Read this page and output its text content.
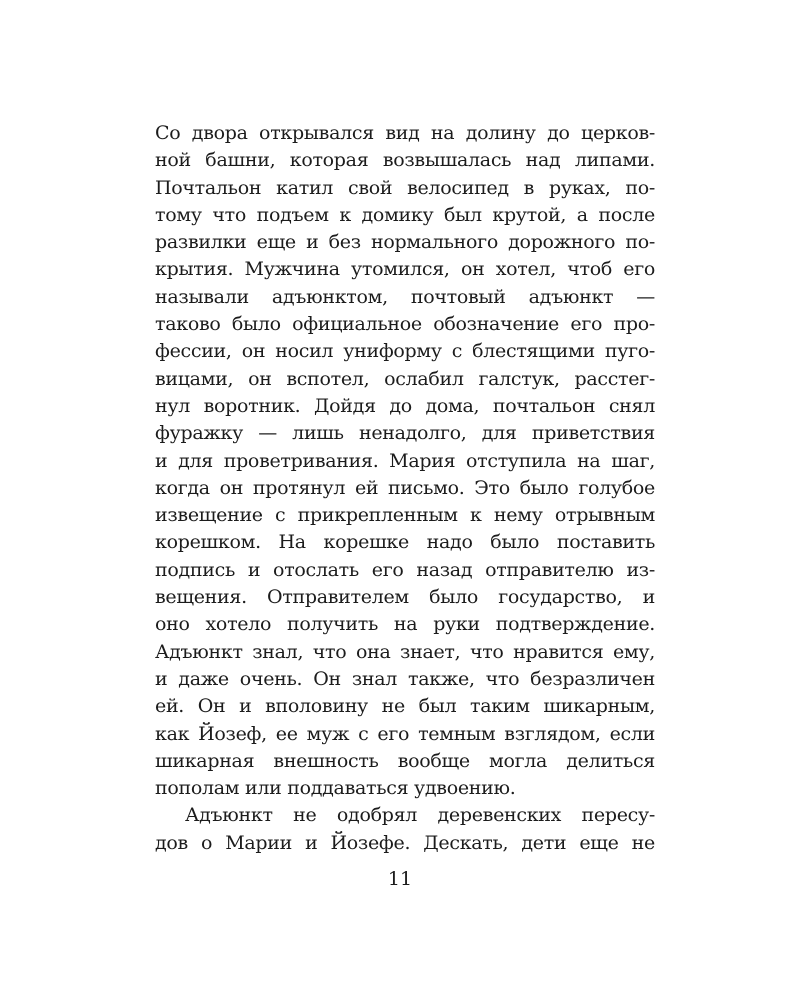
Со двора открывался вид на долину до церков-
ной башни, которая возвышалась над липами.
Почтальон катил свой велосипед в руках, по-
тому что подъем к домику был крутой, а после
развилки еще и без нормального дорожного по-
крытия. Мужчина утомился, он хотел, чтоб его
называли адъюнктом, почтовый адъюнкт —
таково было официальное обозначение его про-
фессии, он носил униформу с блестящими пуго-
вицами, он вспотел, ослабил галстук, расстег-
нул воротник. Дойдя до дома, почтальон снял
фуражку — лишь ненадолго, для приветствия
и для проветривания. Мария отступила на шаг,
когда он протянул ей письмо. Это было голубое
извещение с прикрепленным к нему отрывным
корешком. На корешке надо было поставить
подпись и отослать его назад отправителю из-
вещения. Отправителем было государство, и
оно хотело получить на руки подтверждение.
Адъюнкт знал, что она знает, что нравится ему,
и даже очень. Он знал также, что безразличен
ей. Он и вполовину не был таким шикарным,
как Йозеф, ее муж с его темным взглядом, если
шикарная внешность вообще могла делиться
пополам или поддаваться удвоению.
Адъюнкт не одобрял деревенских пересу-
дов о Марии и Йозефе. Дескать, дети еще не
11
